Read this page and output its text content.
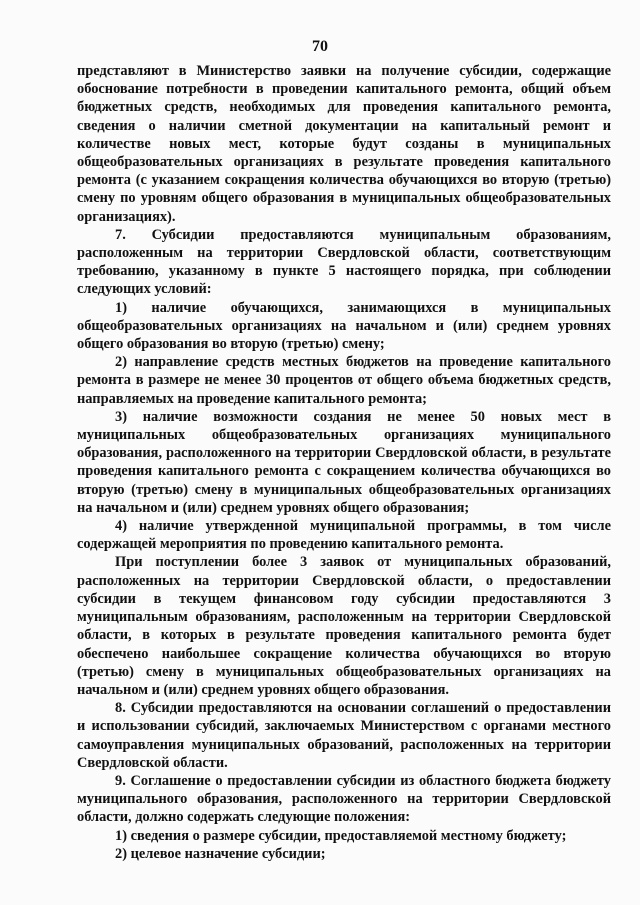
70

представляют в Министерство заявки на получение субсидии, содержащие обоснование потребности в проведении капитального ремонта, общий объем бюджетных средств, необходимых для проведения капитального ремонта, сведения о наличии сметной документации на капитальный ремонт и количестве новых мест, которые будут созданы в муниципальных общеобразовательных организациях в результате проведения капитального ремонта (с указанием сокращения количества обучающихся во вторую (третью) смену по уровням общего образования в муниципальных общеобразовательных организациях).

7. Субсидии предоставляются муниципальным образованиям, расположенным на территории Свердловской области, соответствующим требованию, указанному в пункте 5 настоящего порядка, при соблюдении следующих условий:

1) наличие обучающихся, занимающихся в муниципальных общеобразовательных организациях на начальном и (или) среднем уровнях общего образования во вторую (третью) смену;

2) направление средств местных бюджетов на проведение капитального ремонта в размере не менее 30 процентов от общего объема бюджетных средств, направляемых на проведение капитального ремонта;

3) наличие возможности создания не менее 50 новых мест в муниципальных общеобразовательных организациях муниципального образования, расположенного на территории Свердловской области, в результате проведения капитального ремонта с сокращением количества обучающихся во вторую (третью) смену в муниципальных общеобразовательных организациях на начальном и (или) среднем уровнях общего образования;

4) наличие утвержденной муниципальной программы, в том числе содержащей мероприятия по проведению капитального ремонта.

При поступлении более 3 заявок от муниципальных образований, расположенных на территории Свердловской области, о предоставлении субсидии в текущем финансовом году субсидии предоставляются 3 муниципальным образованиям, расположенным на территории Свердловской области, в которых в результате проведения капитального ремонта будет обеспечено наибольшее сокращение количества обучающихся во вторую (третью) смену в муниципальных общеобразовательных организациях на начальном и (или) среднем уровнях общего образования.

8. Субсидии предоставляются на основании соглашений о предоставлении и использовании субсидий, заключаемых Министерством с органами местного самоуправления муниципальных образований, расположенных на территории Свердловской области.

9. Соглашение о предоставлении субсидии из областного бюджета бюджету муниципального образования, расположенного на территории Свердловской области, должно содержать следующие положения:

1) сведения о размере субсидии, предоставляемой местному бюджету;

2) целевое назначение субсидии;
